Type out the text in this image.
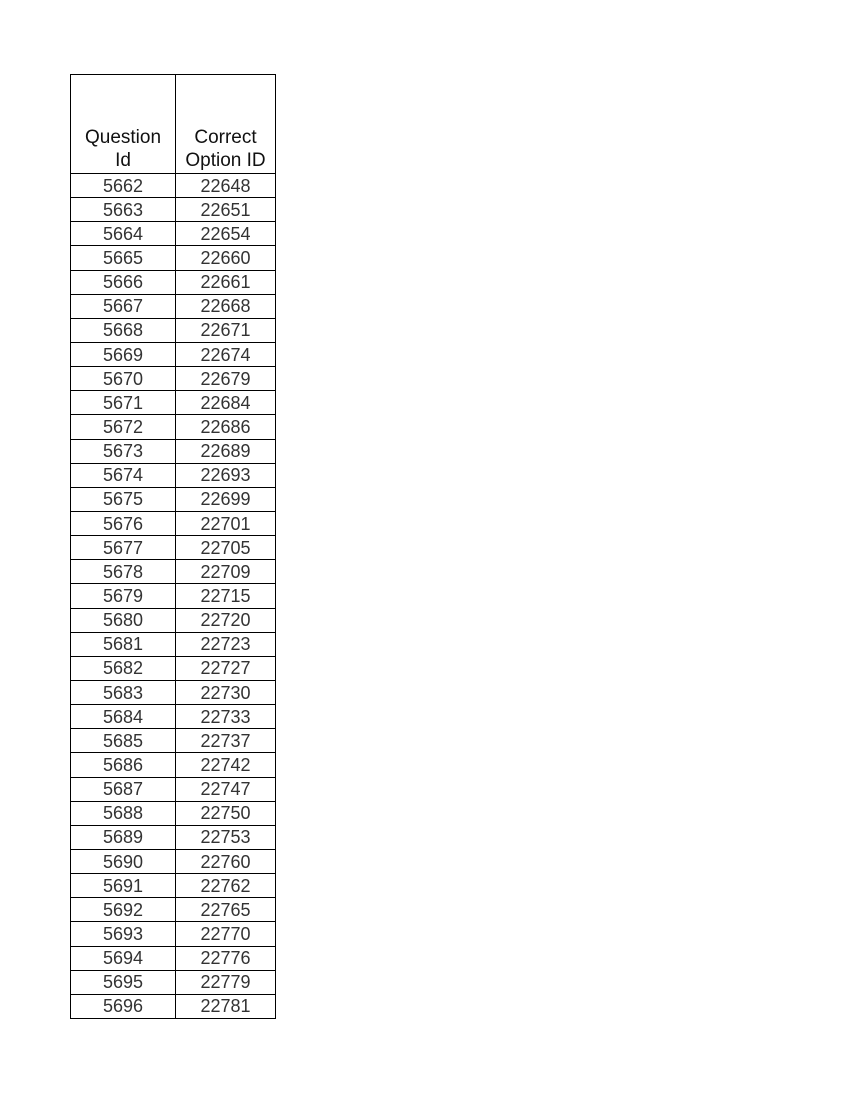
Question
Id	Correct
Option ID

5662	22648
5663	22651
5664	22654
5665	22660
5666	22661
5667	22668
5668	22671
5669	22674
5670	22679
5671	22684
5672	22686
5673	22689
5674	22693
5675	22699
5676	22701
5677	22705
5678	22709
5679	22715
5680	22720
5681	22723
5682	22727
5683	22730
5684	22733
5685	22737
5686	22742
5687	22747
5688	22750
5689	22753
5690	22760
5691	22762
5692	22765
5693	22770
5694	22776
5695	22779
5696	22781
